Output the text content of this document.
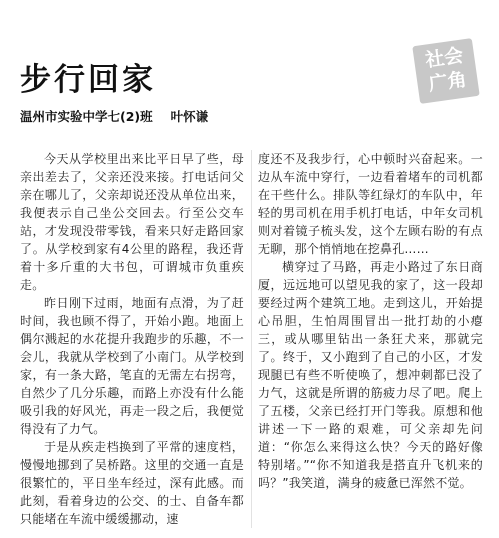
社会
广角
步行回家
温州市实验中学七(2)班 叶怀谦

今天从学校里出来比平日早了些，母亲出差去了，父亲还没来接。打电话问父亲在哪儿了，父亲却说还没从单位出来，我便表示自己坐公交回去。行至公交车站，才发现没带零钱，看来只好走路回家了。从学校到家有4公里的路程，我还背着十多斤重的大书包，可谓城市负重疾走。

昨日刚下过雨，地面有点滑，为了赶时间，我也顾不得了，开始小跑。地面上偶尔溅起的水花提升我跑步的乐趣，不一会儿，我就从学校到了小南门。从学校到家，有一条大路，笔直的无需左右拐弯，自然少了几分乐趣，而路上亦没有什么能吸引我的好风光，再走一段之后，我便觉得没有了力气。

于是从疾走档换到了平常的速度档，慢慢地挪到了吴桥路。这里的交通一直是很繁忙的，平日坐车经过，深有此感。而此刻，看着身边的公交、的士、自备车都只能堵在车流中缓缓挪动，速

度还不及我步行，心中顿时兴奋起来。一边从车流中穿行，一边看着堵车的司机都在干些什么。排队等红绿灯的车队中，年轻的男司机在用手机打电话，中年女司机则对着镜子梳头发，这个左顾右盼的有点无聊，那个悄悄地在挖鼻孔……

横穿过了马路，再走小路过了东日商厦，远远地可以望见我的家了，这一段却要经过两个建筑工地。走到这儿，开始提心吊胆，生怕周围冒出一批打劫的小瘪三，或从哪里钻出一条狂犬来，那就完了。终于，又小跑到了自己的小区，才发现腿已有些不听使唤了，想冲刺都已没了力气，这就是所谓的筋疲力尽了吧。爬上了五楼，父亲已经打开门等我。原想和他讲述一下一路的艰难，可父亲却先问道：“你怎么来得这么快？今天的路好像特别堵。”“你不知道我是搭直升飞机来的吗？”我笑道，满身的疲惫已浑然不觉。
